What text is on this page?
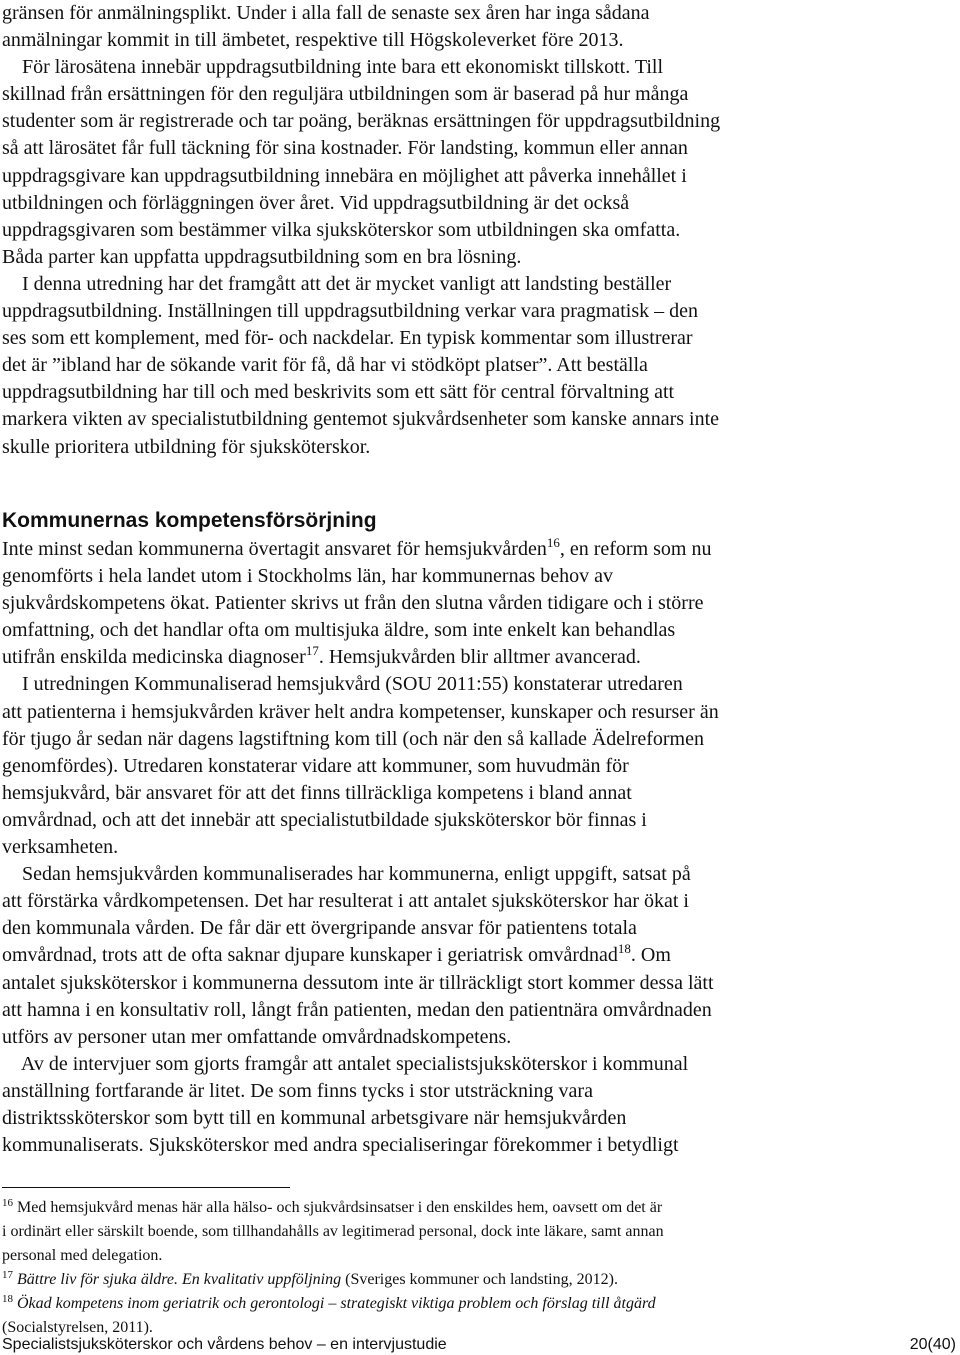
gränsen för anmälningsplikt. Under i alla fall de senaste sex åren har inga sådana
anmälningar kommit in till ämbetet, respektive till Högskoleverket före 2013.
För lärosätena innebär uppdragsutbildning inte bara ett ekonomiskt tillskott. Till
skillnad från ersättningen för den reguljära utbildningen som är baserad på hur många
studenter som är registrerade och tar poäng, beräknas ersättningen för uppdragsutbildning
så att lärosätet får full täckning för sina kostnader. För landsting, kommun eller annan
uppdragsgivare kan uppdragsutbildning innebära en möjlighet att påverka innehållet i
utbildningen och förläggningen över året. Vid uppdragsutbildning är det också
uppdragsgivaren som bestämmer vilka sjuksköterskor som utbildningen ska omfatta.
Båda parter kan uppfatta uppdragsutbildning som en bra lösning.
I denna utredning har det framgått att det är mycket vanligt att landsting beställer
uppdragsutbildning. Inställningen till uppdragsutbildning verkar vara pragmatisk – den
ses som ett komplement, med för- och nackdelar. En typisk kommentar som illustrerar
det är ”ibland har de sökande varit för få, då har vi stödköpt platser”. Att beställa
uppdragsutbildning har till och med beskrivits som ett sätt för central förvaltning att
markera vikten av specialistutbildning gentemot sjukvårdsenheter som kanske annars inte
skulle prioritera utbildning för sjuksköterskor.
Kommunernas kompetensförsörjning
Inte minst sedan kommunerna övertagit ansvaret för hemsjukvården$^{16}$, en reform som nu
genomförts i hela landet utom i Stockholms län, har kommunernas behov av
sjukvårdskompetens ökat. Patienter skrivs ut från den slutna vården tidigare och i större
omfattning, och det handlar ofta om multisjuka äldre, som inte enkelt kan behandlas
utifrån enskilda medicinska diagnoser$^{17}$. Hemsjukvården blir alltmer avancerad.
I utredningen Kommunaliserad hemsjukvård (SOU 2011:55) konstaterar utredaren
att patienterna i hemsjukvården kräver helt andra kompetenser, kunskaper och resurser än
för tjugo år sedan när dagens lagstiftning kom till (och när den så kallade Ädelreformen
genomfördes). Utredaren konstaterar vidare att kommuner, som huvudmän för
hemsjukvård, bär ansvaret för att det finns tillräckliga kompetens i bland annat
omvårdnad, och att det innebär att specialistutbildade sjuksköterskor bör finnas i
verksamheten.
Sedan hemsjukvården kommunaliserades har kommunerna, enligt uppgift, satsat på
att förstärka vårdkompetensen. Det har resulterat i att antalet sjuksköterskor har ökat i
den kommunala vården. De får där ett övergripande ansvar för patientens totala
omvårdnad, trots att de ofta saknar djupare kunskaper i geriatrisk omvårdnad$^{18}$. Om
antalet sjuksköterskor i kommunerna dessutom inte är tillräckligt stort kommer dessa lätt
att hamna i en konsultativ roll, långt från patienten, medan den patientnära omvårdnaden
utförs av personer utan mer omfattande omvårdnadskompetens.
Av de intervjuer som gjorts framgår att antalet specialistsjuksköterskor i kommunal
anställning fortfarande är litet. De som finns tycks i stor utsträckning vara
distriktssköterskor som bytt till en kommunal arbetsgivare när hemsjukvården
kommunaliserats. Sjuksköterskor med andra specialiseringar förekommer i betydligt
$^{16}$ Med hemsjukvård menas här alla hälso- och sjukvårdsinsatser i den enskildes hem, oavsett om det är
i ordinärt eller särskilt boende, som tillhandahålls av legitimerad personal, dock inte läkare, samt annan
personal med delegation.
$^{17}$ Bättre liv för sjuka äldre. En kvalitativ uppföljning (Sveriges kommuner och landsting, 2012).
$^{18}$ Ökad kompetens inom geriatrik och gerontologi – strategiskt viktiga problem och förslag till åtgärd
(Socialstyrelsen, 2011).
Specialistsjuksköterskor och vårdens behov – en intervjustudie	20(40)
